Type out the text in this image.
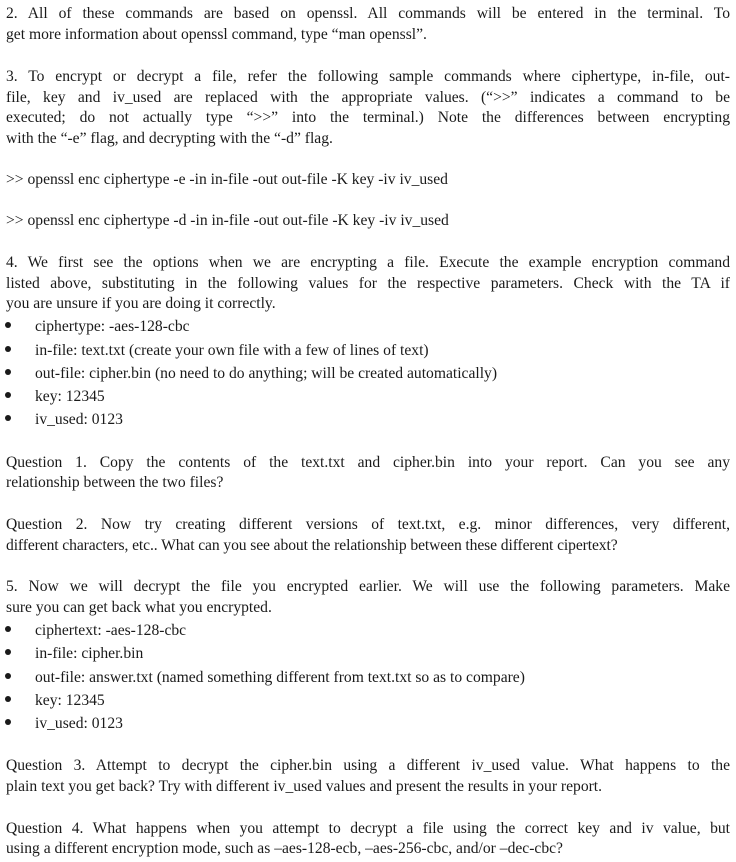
2. All of these commands are based on openssl. All commands will be entered in the terminal. To
get more information about openssl command, type “man openssl”.
3. To encrypt or decrypt a file, refer the following sample commands where ciphertype, in-file, out-
file, key and iv_used are replaced with the appropriate values. (“>>” indicates a command to be
executed; do not actually type “>>” into the terminal.) Note the differences between encrypting
with the “-e” flag, and decrypting with the “-d” flag.
>> openssl enc ciphertype -e -in in-file -out out-file -K key -iv iv_used
>> openssl enc ciphertype -d -in in-file -out out-file -K key -iv iv_used
4. We first see the options when we are encrypting a file. Execute the example encryption command
listed above, substituting in the following values for the respective parameters. Check with the TA if
you are unsure if you are doing it correctly.
ciphertype: -aes-128-cbc
in-file: text.txt (create your own file with a few of lines of text)
out-file: cipher.bin (no need to do anything; will be created automatically)
key: 12345
iv_used: 0123
Question 1. Copy the contents of the text.txt and cipher.bin into your report. Can you see any
relationship between the two files?
Question 2. Now try creating different versions of text.txt, e.g. minor differences, very different,
different characters, etc.. What can you see about the relationship between these different cipertext?
5. Now we will decrypt the file you encrypted earlier. We will use the following parameters. Make
sure you can get back what you encrypted.
ciphertext: -aes-128-cbc
in-file: cipher.bin
out-file: answer.txt (named something different from text.txt so as to compare)
key: 12345
iv_used: 0123
Question 3. Attempt to decrypt the cipher.bin using a different iv_used value. What happens to the
plain text you get back? Try with different iv_used values and present the results in your report.
Question 4. What happens when you attempt to decrypt a file using the correct key and iv value, but
using a different encryption mode, such as –aes-128-ecb, –aes-256-cbc, and/or –dec-cbc?
